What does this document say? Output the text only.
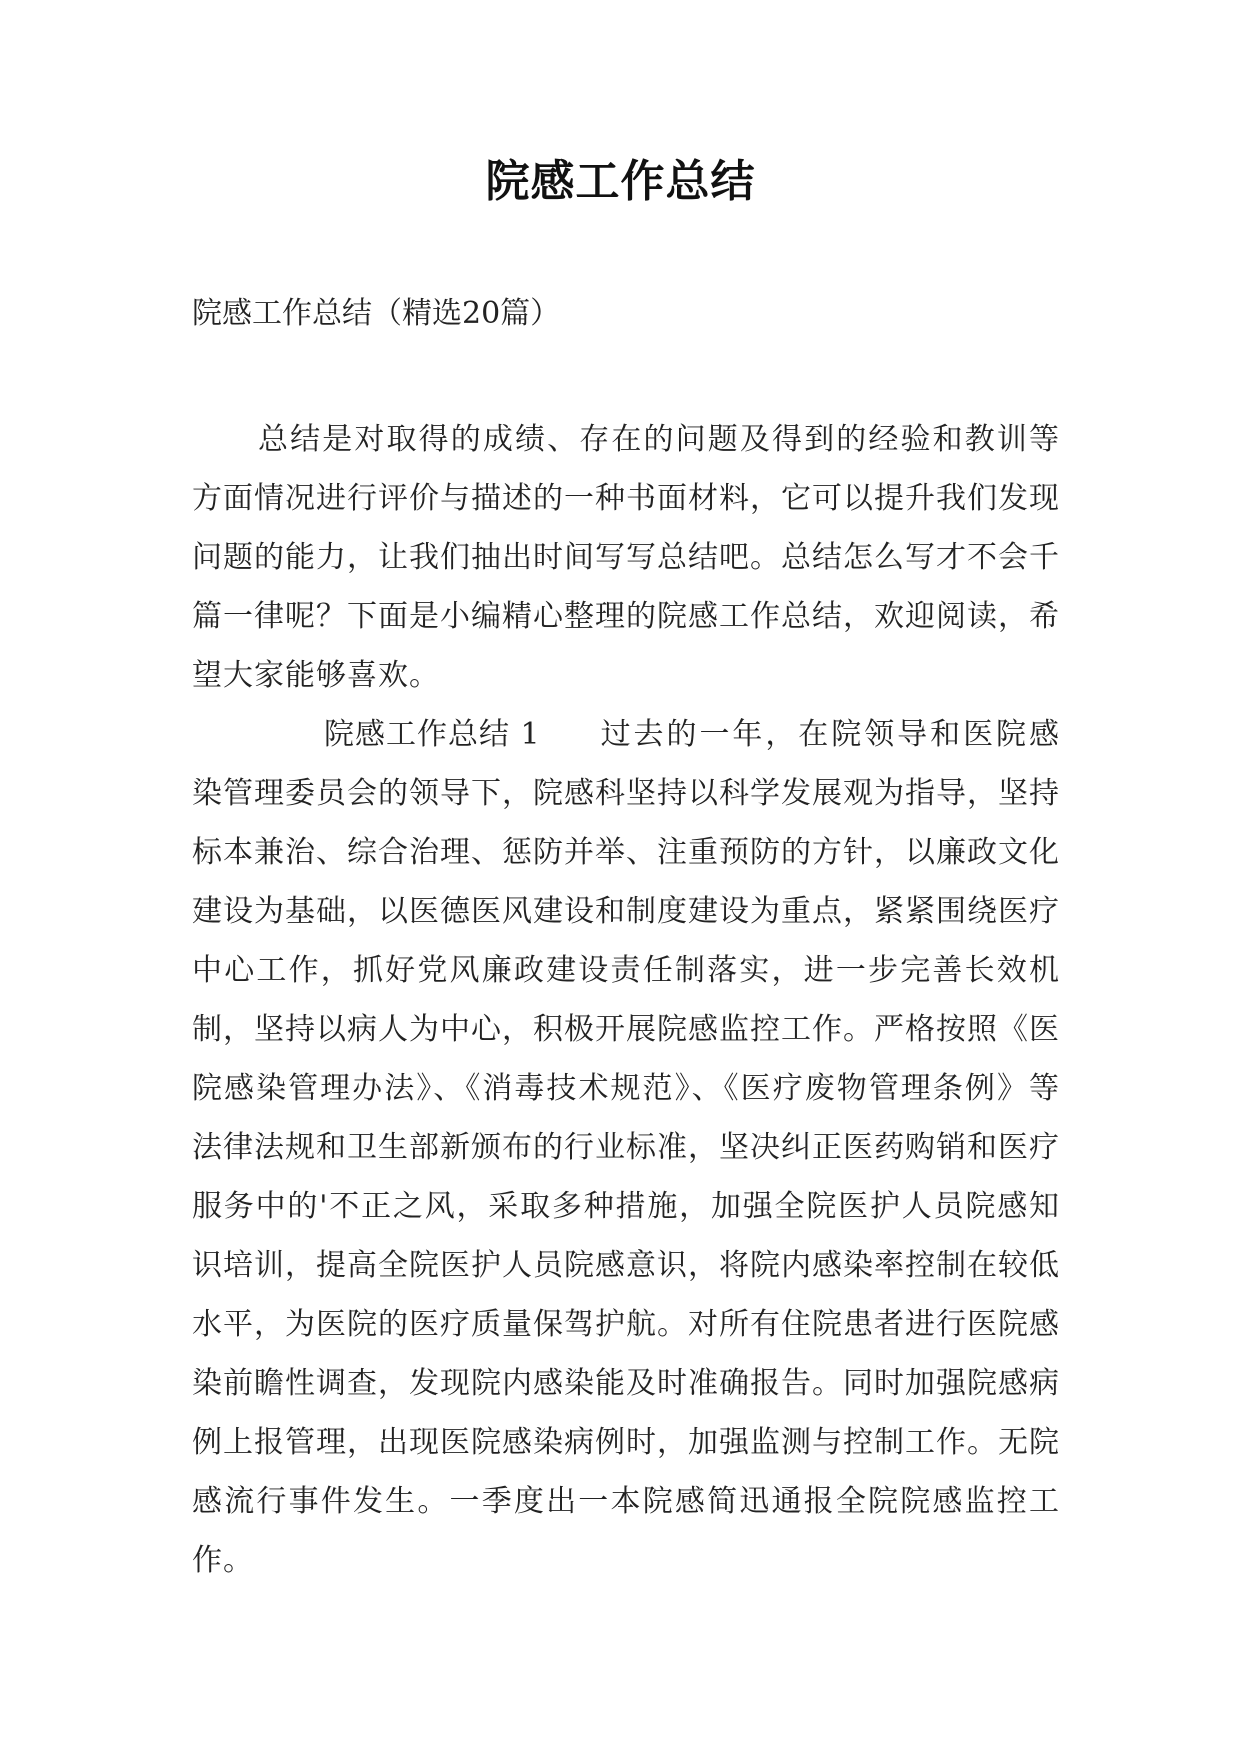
院感工作总结
院感工作总结（精选20篇）

总结是对取得的成绩、存在的问题及得到的经验和教训等方面情况进行评价与描述的一种书面材料，它可以提升我们发现问题的能力，让我们抽出时间写写总结吧。总结怎么写才不会千篇一律呢？下面是小编精心整理的院感工作总结，欢迎阅读，希望大家能够喜欢。

院感工作总结 1 过去的一年，在院领导和医院感染管理委员会的领导下，院感科坚持以科学发展观为指导，坚持标本兼治、综合治理、惩防并举、注重预防的方针，以廉政文化建设为基础，以医德医风建设和制度建设为重点，紧紧围绕医疗中心工作，抓好党风廉政建设责任制落实，进一步完善长效机制，坚持以病人为中心，积极开展院感监控工作。严格按照《医院感染管理办法》、《消毒技术规范》、《医疗废物管理条例》等法律法规和卫生部新颁布的行业标准，坚决纠正医药购销和医疗服务中的'不正之风，采取多种措施，加强全院医护人员院感知识培训，提高全院医护人员院感意识，将院内感染率控制在较低水平，为医院的医疗质量保驾护航。对所有住院患者进行医院感染前瞻性调查，发现院内感染能及时准确报告。同时加强院感病例上报管理，出现医院感染病例时，加强监测与控制工作。无院感流行事件发生。一季度出一本院感简迅通报全院院感监控工作。
